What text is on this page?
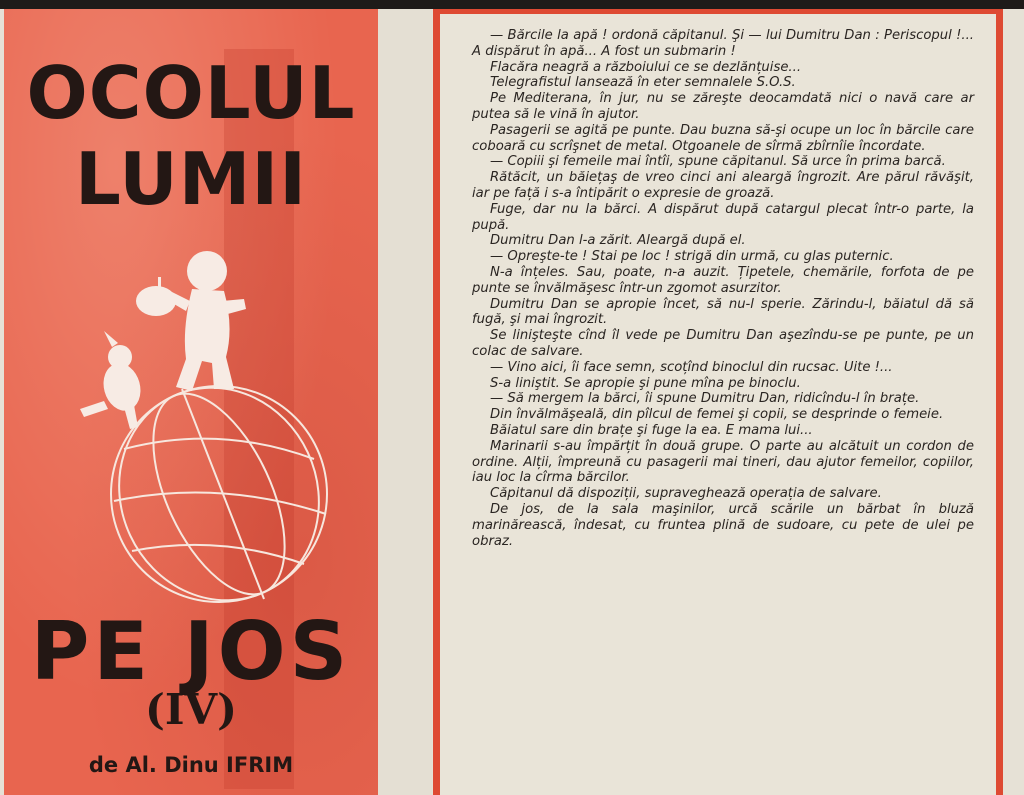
OCOLUL
LUMII
PE JOS
(IV)
de Al. Dinu IFRIM

— Bărcile la apă ! ordonă căpitanul. Şi — lui Dumitru Dan : Periscopul !... A dispărut în apă... A fost un submarin !

Flacăra neagră a războiului ce se dezlănțuise...

Telegrafistul lansează în eter semnalele S.O.S.

Pe Mediterana, în jur, nu se zăreşte deocamdată nici o navă care ar putea să le vină în ajutor.

Pasagerii se agită pe punte. Dau buzna să-şi ocupe un loc în bărcile care coboară cu scrîşnet de metal. Otgoanele de sîrmă zbîrnîie încordate.

— Copiii şi femeile mai întîi, spune căpitanul. Să urce în prima barcă.

Rătăcit, un băiețaş de vreo cinci ani aleargă îngrozit. Are părul răvăşit, iar pe față i s-a întipărit o expresie de groază.

Fuge, dar nu la bărci. A dispărut după catargul plecat într-o parte, la pupă.

Dumitru Dan l-a zărit. Aleargă după el.

— Opreşte-te ! Stai pe loc ! strigă din urmă, cu glas puternic.

N-a înțeles. Sau, poate, n-a auzit. Țipetele, chemările, forfota de pe punte se învălmăşesc într-un zgomot asurzitor.

Dumitru Dan se apropie încet, să nu-l sperie. Zărindu-l, băiatul dă să fugă, şi mai îngrozit.

Se linişteşte cînd îl vede pe Dumitru Dan aşezîndu-se pe punte, pe un colac de salvare.

— Vino aici, îi face semn, scoțînd binoclul din rucsac. Uite !...

S-a liniştit. Se apropie şi pune mîna pe binoclu.

— Să mergem la bărci, îi spune Dumitru Dan, ridicîndu-l în brațe.

Din învălmăşeală, din pîlcul de femei şi copii, se desprinde o femeie.

Băiatul sare din brațe şi fuge la ea. E mama lui...

Marinarii s-au împărțit în două grupe. O parte au alcătuit un cordon de ordine. Alții, împreună cu pasagerii mai tineri, dau ajutor femeilor, copiilor, iau loc la cîrma bărcilor.

Căpitanul dă dispoziții, supraveghează operația de salvare.

De jos, de la sala maşinilor, urcă scările un bărbat în bluză marinărească, îndesat, cu fruntea plină de sudoare, cu pete de ulei pe obraz.
